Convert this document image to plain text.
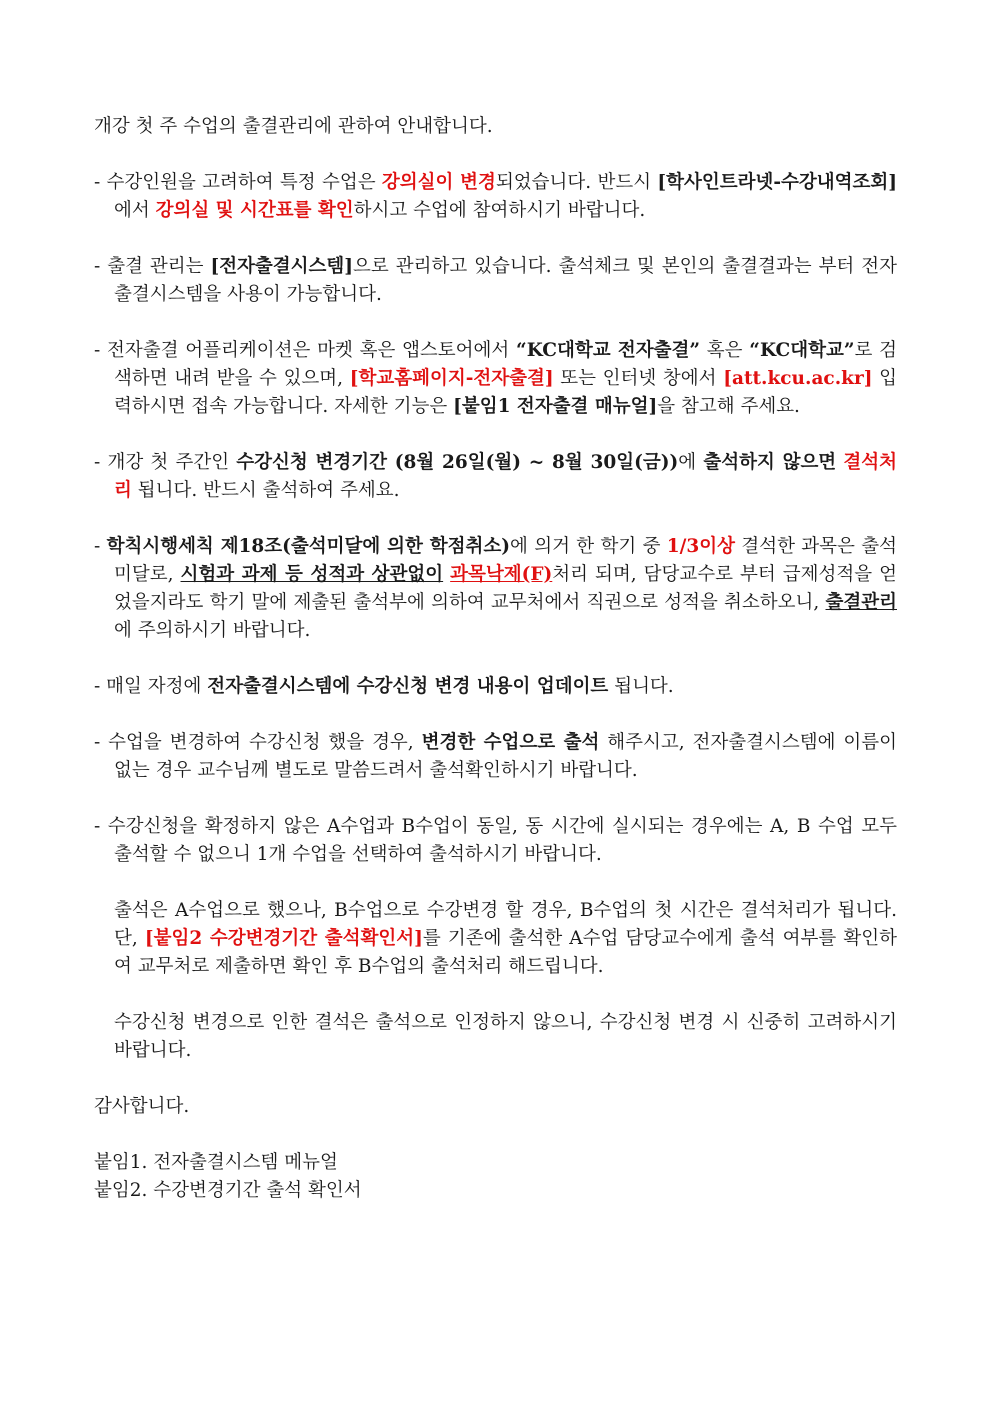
개강 첫 주 수업의 출결관리에 관하여 안내합니다.

- 수강인원을 고려하여 특정 수업은 강의실이 변경되었습니다. 반드시 [학사인트라넷-수강내역조회] 에서 강의실 및 시간표를 확인하시고 수업에 참여하시기 바랍니다.

- 출결 관리는 [전자출결시스템]으로 관리하고 있습니다. 출석체크 및 본인의 출결결과는 부터 전자출결시스템을 사용이 가능합니다.

- 전자출결 어플리케이션은 마켓 혹은 앱스토어에서 “KC대학교 전자출결” 혹은 “KC대학교”로 검색하면 내려 받을 수 있으며, [학교홈페이지-전자출결] 또는 인터넷 창에서 [att.kcu.ac.kr] 입력하시면 접속 가능합니다. 자세한 기능은 [붙임1 전자출결 매뉴얼]을 참고해 주세요.

- 개강 첫 주간인 수강신청 변경기간 (8월 26일(월) ~ 8월 30일(금))에 출석하지 않으면 결석처리 됩니다. 반드시 출석하여 주세요.

- 학칙시행세칙 제18조(출석미달에 의한 학점취소)에 의거 한 학기 중 1/3이상 결석한 과목은 출석미달로, 시험과 과제 등 성적과 상관없이 과목낙제(F)처리 되며, 담당교수로 부터 급제성적을 얻었을지라도 학기 말에 제출된 출석부에 의하여 교무처에서 직권으로 성적을 취소하오니, 출결관리에 주의하시기 바랍니다.

- 매일 자정에 전자출결시스템에 수강신청 변경 내용이 업데이트 됩니다.

- 수업을 변경하여 수강신청 했을 경우, 변경한 수업으로 출석 해주시고, 전자출결시스템에 이름이 없는 경우 교수님께 별도로 말씀드려서 출석확인하시기 바랍니다.

- 수강신청을 확정하지 않은 A수업과 B수업이 동일, 동 시간에 실시되는 경우에는 A, B 수업 모두 출석할 수 없으니 1개 수업을 선택하여 출석하시기 바랍니다.

출석은 A수업으로 했으나, B수업으로 수강변경 할 경우, B수업의 첫 시간은 결석처리가 됩니다. 단, [붙임2 수강변경기간 출석확인서]를 기존에 출석한 A수업 담당교수에게 출석 여부를 확인하여 교무처로 제출하면 확인 후 B수업의 출석처리 해드립니다.

수강신청 변경으로 인한 결석은 출석으로 인정하지 않으니, 수강신청 변경 시 신중히 고려하시기 바랍니다.

감사합니다.

붙임1. 전자출결시스템 메뉴얼

붙임2. 수강변경기간 출석 확인서
